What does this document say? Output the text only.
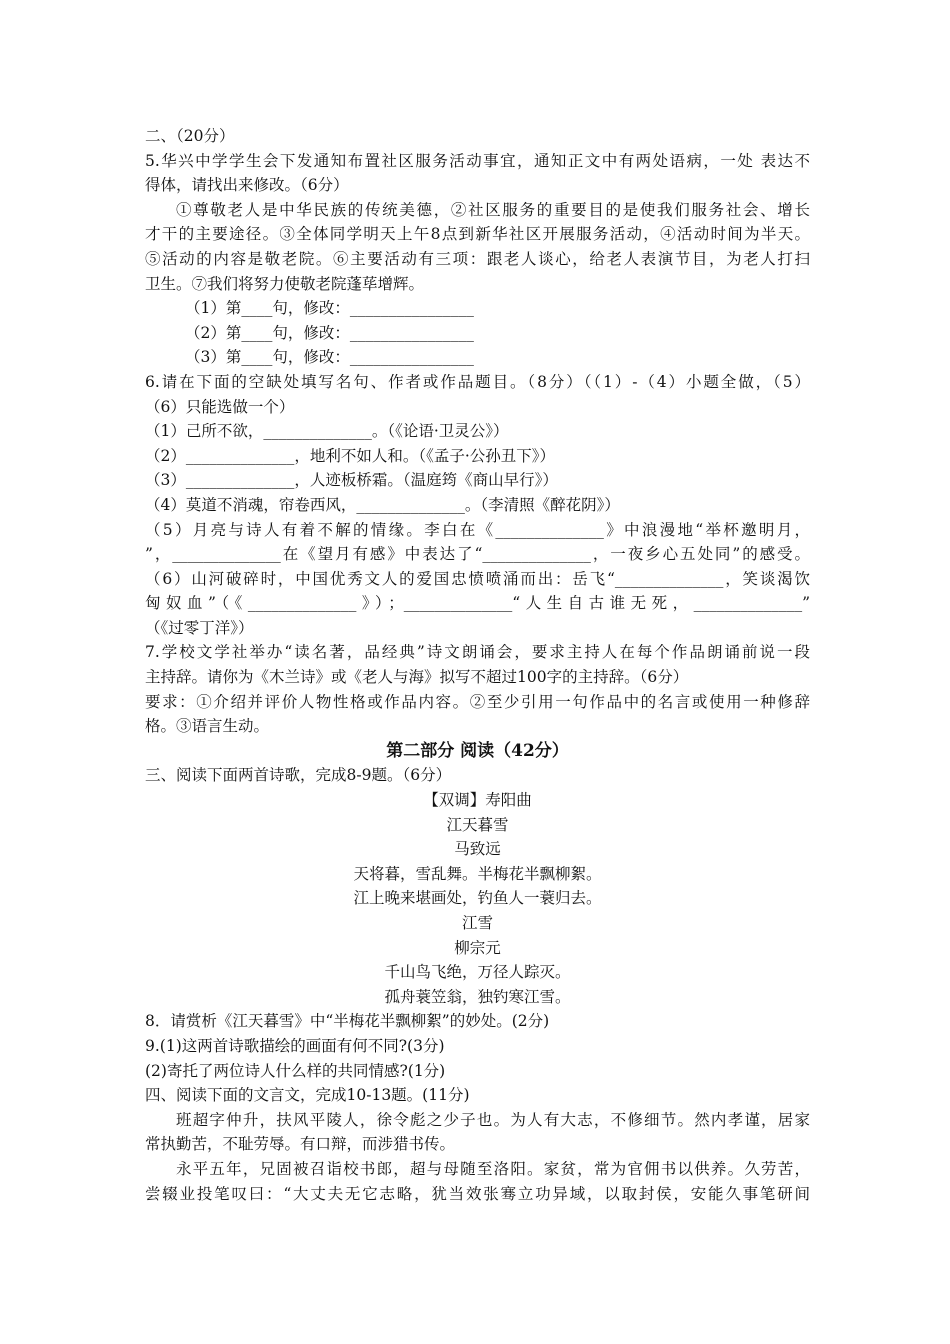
二、（20分）
5.华兴中学学生会下发通知布置社区服务活动事宜，通知正文中有两处语病，一处 表达不
得体，请找出来修改。（6分）
①尊敬老人是中华民族的传统美德，②社区服务的重要目的是使我们服务社会、增长
才干的主要途径。③全体同学明天上午8点到新华社区开展服务活动，④活动时间为半天。
⑤活动的内容是敬老院。⑥主要活动有三项：跟老人谈心，给老人表演节目，为老人打扫
卫生。⑦我们将努力使敬老院蓬荜增辉。
（1）第____句，修改：________________
（2）第____句，修改：________________
（3）第____句，修改：________________
6.请在下面的空缺处填写名句、作者或作品题目。（8分）（（1）-（4）小题全做，（5）
（6）只能选做一个）
（1）己所不欲，______________。（《论语·卫灵公》）
（2）______________，地利不如人和。（《孟子·公孙丑下》）
（3）______________，人迹板桥霜。（温庭筠《商山早行》）
（4）莫道不消魂，帘卷西风，______________。（李清照《醉花阴》）
（5）月亮与诗人有着不解的情缘。李白在《______________》中浪漫地“举杯邀明月，
”，______________在《望月有感》中表达了“______________，一夜乡心五处同”的感受。
（6）山河破碎时，中国优秀文人的爱国忠愤喷涌而出：岳飞“______________，笑谈渴饮
匈奴血”（《______________》）；______________“人生自古谁无死，______________”
（《过零丁洋》）
7.学校文学社举办“读名著，品经典”诗文朗诵会，要求主持人在每个作品朗诵前说一段
主持辞。请你为《木兰诗》或《老人与海》拟写不超过100字的主持辞。（6分）
要求：①介绍并评价人物性格或作品内容。②至少引用一句作品中的名言或使用一种修辞
格。③语言生动。
第二部分 阅读（42分）
三、阅读下面两首诗歌，完成8-9题。（6分）
【双调】寿阳曲
江天暮雪
马致远
天将暮，雪乱舞。半梅花半飘柳絮。
江上晚来堪画处，钓鱼人一蓑归去。
江雪
柳宗元
千山鸟飞绝，万径人踪灭。
孤舟蓑笠翁，独钓寒江雪。
8．请赏析《江天暮雪》中“半梅花半飘柳絮”的妙处。(2分)
9.(1)这两首诗歌描绘的画面有何不同?(3分)
(2)寄托了两位诗人什么样的共同情感?(1分)
四、阅读下面的文言文，完成10-13题。(11分)
班超字仲升，扶风平陵人，徐令彪之少子也。为人有大志，不修细节。然内孝谨，居家
常执勤苦，不耻劳辱。有口辩，而涉猎书传。
永平五年，兄固被召诣校书郎，超与母随至洛阳。家贫，常为官佣书以供养。久劳苦，
尝辍业投笔叹曰：“大丈夫无它志略，犹当效张骞立功异域，以取封侯，安能久事笔研间
